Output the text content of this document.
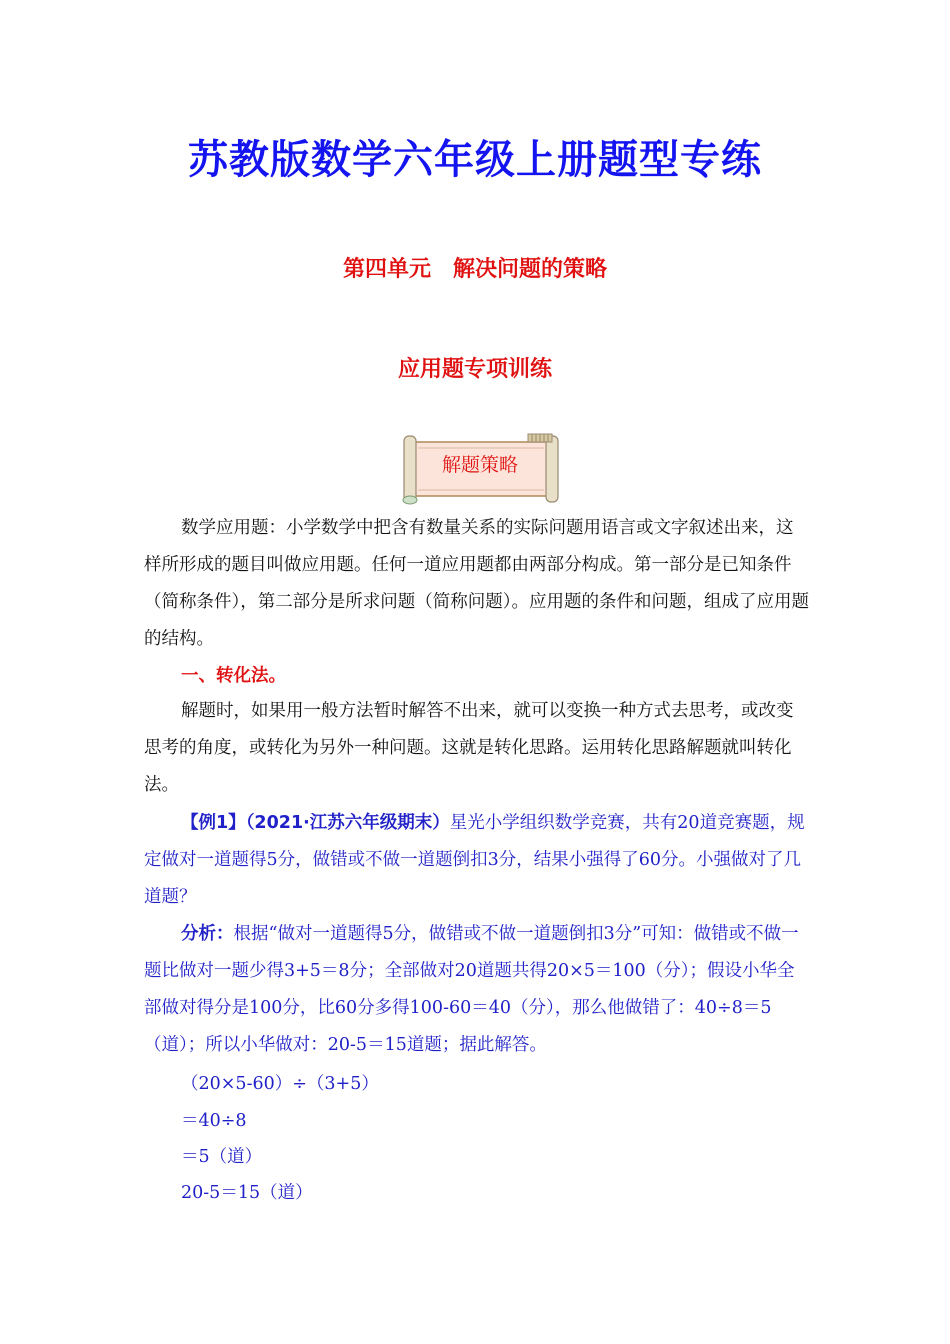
苏教版数学六年级上册题型专练
第四单元　解决问题的策略
应用题专项训练
解题策略

数学应用题：小学数学中把含有数量关系的实际问题用语言或文字叙述出来，这样所形成的题目叫做应用题。任何一道应用题都由两部分构成。第一部分是已知条件（简称条件），第二部分是所求问题（简称问题）。应用题的条件和问题，组成了应用题的结构。

一、转化法。

解题时，如果用一般方法暂时解答不出来，就可以变换一种方式去思考，或改变思考的角度，或转化为另外一种问题。这就是转化思路。运用转化思路解题就叫转化法。

【例1】（2021·江苏六年级期末）星光小学组织数学竞赛，共有20道竞赛题，规定做对一道题得5分，做错或不做一道题倒扣3分，结果小强得了60分。小强做对了几道题？

分析：根据“做对一道题得5分，做错或不做一道题倒扣3分”可知：做错或不做一题比做对一题少得3+5＝8分；全部做对20道题共得20×5＝100（分）；假设小华全部做对得分是100分，比60分多得100-60＝40（分），那么他做错了：40÷8＝5（道）；所以小华做对：20-5＝15道题；据此解答。

（20×5-60）÷（3+5）
＝40÷8
＝5（道）
20-5＝15（道）
